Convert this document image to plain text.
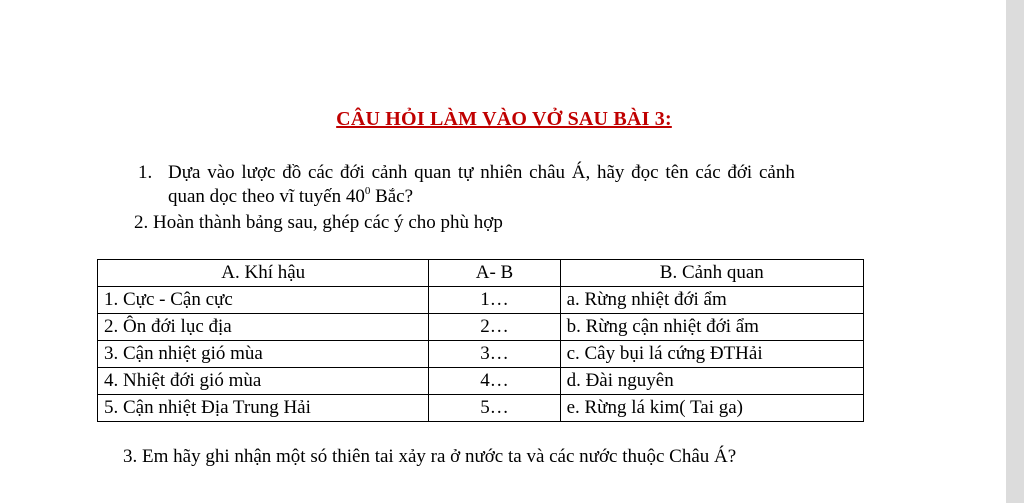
CÂU HỎI LÀM VÀO VỞ SAU BÀI 3:
1. Dựa vào lược đồ các đới cảnh quan tự nhiên châu Á, hãy đọc tên các đới cảnh
quan dọc theo vĩ tuyến $40^0$ Bắc?
2. Hoàn thành bảng sau, ghép các ý cho phù hợp
A. Khí hậu	A- B	B. Cảnh quan
1. Cực - Cận cực	1…	a. Rừng nhiệt đới ẩm
2. Ôn đới lục địa	2…	b. Rừng cận nhiệt đới ẩm
3. Cận nhiệt gió mùa	3…	c. Cây bụi lá cứng ĐTHải
4. Nhiệt đới gió mùa	4…	d. Đài nguyên
5. Cận nhiệt Địa Trung Hải	5…	e. Rừng lá kim( Tai ga)
3. Em hãy ghi nhận một só thiên tai xảy ra ở nước ta và các nước thuộc Châu Á?
